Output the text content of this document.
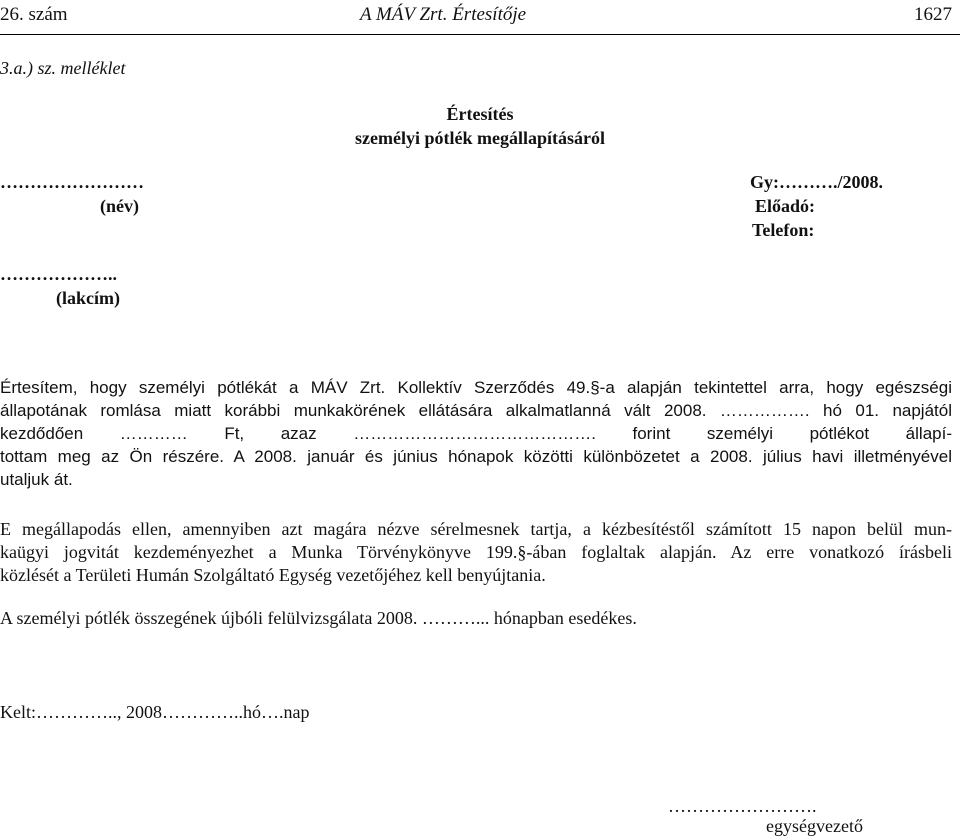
26. szám	A MÁV Zrt. Értesítője	1627
3.a.) sz. melléklet
Értesítés
személyi pótlék megállapításáról
……………………
(név)
………………..
(lakcím)
Gy:………./2008.
Előadó:
Telefon:
Értesítem, hogy személyi pótlékát a MÁV Zrt. Kollektív Szerződés 49.§-a alapján tekintettel arra, hogy egészségi
állapotának romlása miatt korábbi munkakörének ellátására alkalmatlanná vált 2008. ……………. hó 01. napjától
kezdődően ………… Ft, azaz ……………………………………. forint személyi pótlékot állapí-
tottam meg az Ön részére. A 2008. január és június hónapok közötti különbözetet a 2008. július havi illetményével
utaljuk át.
E megállapodás ellen, amennyiben azt magára nézve sérelmesnek tartja, a kézbesítéstől számított 15 napon belül mun-
kaügyi jogvitát kezdeményezhet a Munka Törvénykönyve 199.§-ában foglaltak alapján. Az erre vonatkozó írásbeli
közlését a Területi Humán Szolgáltató Egység vezetőjéhez kell benyújtania.
A személyi pótlék összegének újbóli felülvizsgálata 2008. ………... hónapban esedékes.
Kelt:………….., 2008…………..hó….nap
…………………….
egységvezető
